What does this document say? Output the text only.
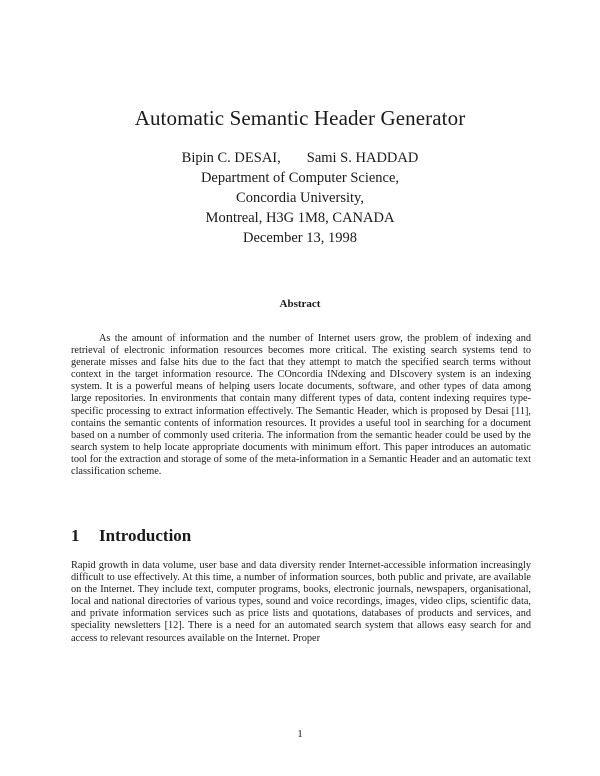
Automatic Semantic Header Generator
Bipin C. DESAI, Sami S. HADDAD
Department of Computer Science,
Concordia University,
Montreal, H3G 1M8, CANADA
December 13, 1998
Abstract

As the amount of information and the number of Internet users grow, the problem of indexing and retrieval of electronic information resources becomes more critical. The existing search systems tend to generate misses and false hits due to the fact that they attempt to match the specified search terms without context in the target information resource. The COncordia INdexing and DIscovery system is an indexing system. It is a powerful means of helping users locate documents, software, and other types of data among large repositories. In environments that contain many different types of data, content indexing requires type-specific processing to extract information effectively. The Semantic Header, which is proposed by Desai [11], contains the semantic contents of information resources. It provides a useful tool in searching for a document based on a number of commonly used criteria. The information from the semantic header could be used by the search system to help locate appropriate documents with minimum effort. This paper introduces an automatic tool for the extraction and storage of some of the meta-information in a Semantic Header and an automatic text classification scheme.

1 Introduction

Rapid growth in data volume, user base and data diversity render Internet-accessible information increasingly difficult to use effectively. At this time, a number of information sources, both public and private, are available on the Internet. They include text, computer programs, books, electronic journals, newspapers, organisational, local and national directories of various types, sound and voice recordings, images, video clips, scientific data, and private information services such as price lists and quotations, databases of products and services, and speciality newsletters [12]. There is a need for an automated search system that allows easy search for and access to relevant resources available on the Internet. Proper

1
